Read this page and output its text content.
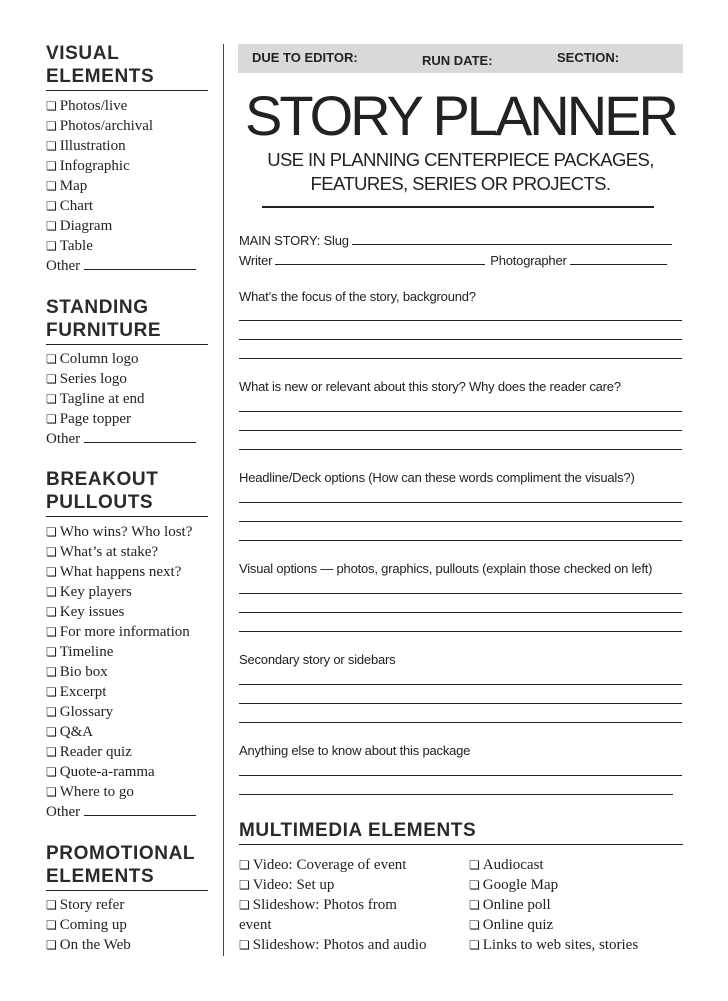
VISUAL
ELEMENTS
❏ Photos/live
❏ Photos/archival
❏ Illustration
❏ Infographic
❏ Map
❏ Chart
❏ Diagram
❏ Table
Other
STANDING
FURNITURE
❏ Column logo
❏ Series logo
❏ Tagline at end
❏ Page topper
Other
BREAKOUT
PULLOUTS
❏ Who wins? Who lost?
❏ What’s at stake?
❏ What happens next?
❏ Key players
❏ Key issues
❏ For more information
❏ Timeline
❏ Bio box
❏ Excerpt
❏ Glossary
❏ Q&A
❏ Reader quiz
❏ Quote-a-ramma
❏ Where to go
Other
PROMOTIONAL
ELEMENTS
❏ Story refer
❏ Coming up
❏ On the Web
DUE TO EDITOR:	RUN DATE:	SECTION:
STORY PLANNER
USE IN PLANNING CENTERPIECE PACKAGES,
FEATURES, SERIES OR PROJECTS.
MAIN STORY: Slug
Writer	Photographer
What’s the focus of the story, background?
What is new or relevant about this story? Why does the reader care?
Headline/Deck options (How can these words compliment the visuals?)
Visual options — photos, graphics, pullouts (explain those checked on left)
Secondary story or sidebars
Anything else to know about this package
MULTIMEDIA ELEMENTS
❏ Video: Coverage of event
❏ Video: Set up
❏ Slideshow: Photos from
event
❏ Slideshow: Photos and audio
❏ Audiocast
❏ Google Map
❏ Online poll
❏ Online quiz
❏ Links to web sites, stories
